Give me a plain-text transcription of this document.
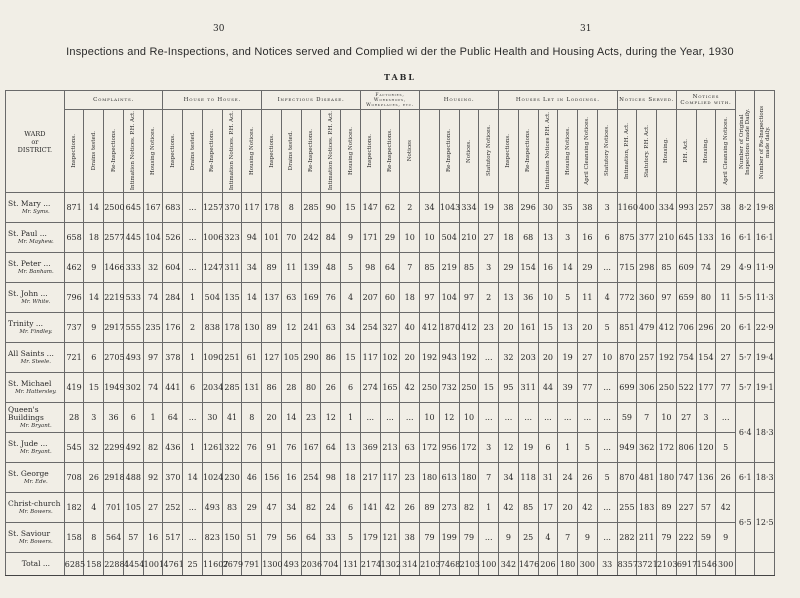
30	31
Inspections and Re-Inspections, and Notices served and Complied wi der the Public Health and Housing Acts, during the Year, 1930
TABL
WARD
or
DISTRICT.	Complaints.					House to House.					Infectious Disease.					Factories, Workshops, Workplaces, etc.			Housing.				Houses Let in Lodgings.						Notices Served.			Notices Complied with.			Number of Original Inspections made Daily.	Number of Re-Inspections made daily.

	Inspections.	Drains tested.	Re-Inspections.	Intimation Notices. P.H. Act.	Housing Notices.	Inspections.	Drains tested.	Re-Inspections.	Intimation Notices. P.H. Act.	Housing Notices.	Inspections.	Drains tested.	Re-Inspections.	Intimation Notices. P.H. Act.	Housing Notices.	Inspections.	Re-Inspections.	Notices		Re-Inspections.	Notices.	Statutory Notices.	Inspections.	Re-Inspections.	Intimation Notices P.H. Act.	Housing Notices.	April Cleansing Notices.	Statutory Notices.	Intimation, P.H. Act.	Statutory. P.H. Act.	Housing.	P.H. Act.	Housing.	April Cleansing Notices.		

St. Mary ...
Mr. Syms.	871	14	2500	645	167	683	...	1257	370	117	178	8	285	90	15	147	62	2	34	1043	334	19	38	296	30	35	38	3	1160	400	334	993	257	38	8·2	19·8

St. Paul ...
Mr. Mayhew.	658	18	2577	445	104	526	...	1006	323	94	101	70	242	84	9	171	29	10	10	504	210	27	18	68	13	3	16	6	875	377	210	645	133	16	6·1	16·1

St. Peter ...
Mr. Banham.	462	9	1466	333	32	604	...	1247	311	34	89	11	139	48	5	98	64	7	85	219	85	3	29	154	16	14	29	...	715	298	85	609	74	29	4·9	11·9

St. John ...
Mr. White.	796	14	2219	533	74	284	1	504	135	14	137	63	169	76	4	207	60	18	97	104	97	2	13	36	10	5	11	4	772	360	97	659	80	11	5·5	11·3

Trinity ...
Mr. Findley.	737	9	2917	555	235	176	2	838	178	130	89	12	241	63	34	254	327	40	412	1870	412	23	20	161	15	13	20	5	851	479	412	706	296	20	6·1	22·9

All Saints ...
Mr. Steele.	721	6	2705	493	97	378	1	1090	251	61	127	105	290	86	15	117	102	20	192	943	192	...	32	203	20	19	27	10	870	257	192	754	154	27	5·7	19·4

St. Michael
Mr. Hattersley.	419	15	1949	302	74	441	6	2034	285	131	86	28	80	26	6	274	165	42	250	732	250	15	95	311	44	39	77	...	699	306	250	522	177	77	5·7	19·1

Queen's Buildings
Mr. Bryant.	28	3	36	6	1	64	...	30	41	8	20	14	23	12	1	...	...	...	10	12	10	...	...	...	...	...	...	...	59	7	10	27	3	...	6·4	18·3

St. Jude ...
Mr. Bryant.	545	32	2299	492	82	436	1	1261	322	76	91	76	167	64	13	369	213	63	172	956	172	3	12	19	6	1	5	...	949	362	172	806	120	5		

St. George
Mr. Ede.	708	26	2918	488	92	370	14	1024	230	46	156	16	254	98	18	217	117	23	180	613	180	7	34	118	31	24	26	5	870	481	180	747	136	26	6·1	18·3

Christ-church
Mr. Bowers.	182	4	701	105	27	252	...	493	83	29	47	34	82	24	6	141	42	26	89	273	82	1	42	85	17	20	42	...	255	183	89	227	57	42	6·5	12·5

St. Saviour
Mr. Bowers.	158	8	564	57	16	517	...	823	150	51	79	56	64	33	5	179	121	38	79	199	79	...	9	25	4	7	9	...	282	211	79	222	59	9		
Total ...	6285	158	22881	4454	1001	4761	25	11607	2679	791	1300	493	2036	704	131	2174	1302	314	2103	7468	2103	100	342	1476	206	180	300	33	8357	3721	2103	6917	1546	300		
